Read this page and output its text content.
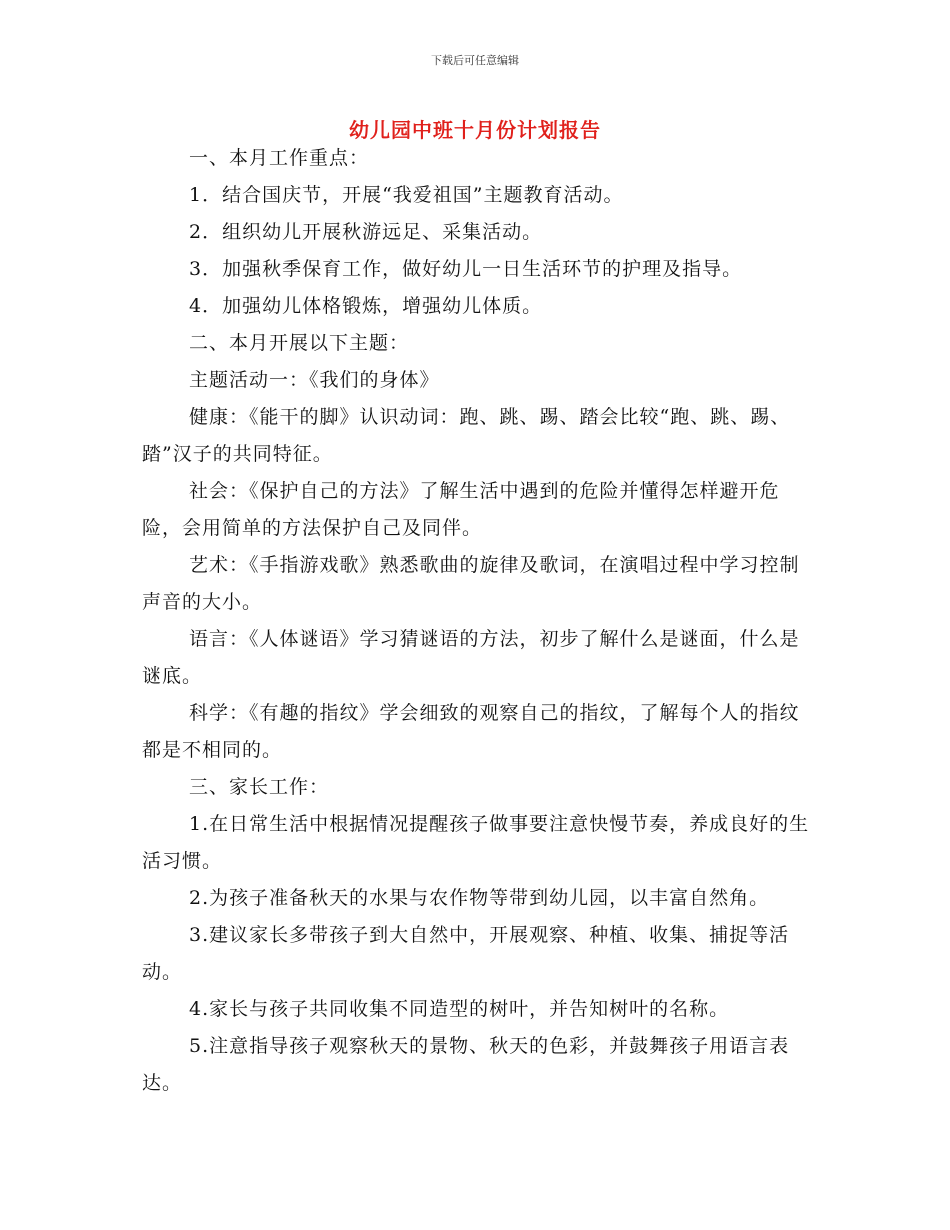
下载后可任意编辑
幼儿园中班十月份计划报告

一、本月工作重点：

1．结合国庆节，开展“我爱祖国”主题教育活动。

2．组织幼儿开展秋游远足、采集活动。

3．加强秋季保育工作，做好幼儿一日生活环节的护理及指导。

4．加强幼儿体格锻炼，增强幼儿体质。

二、本月开展以下主题：

主题活动一：《我们的身体》

健康：《能干的脚》认识动词：跑、跳、踢、踏会比较“跑、跳、踢、踏”汉子的共同特征。

社会：《保护自己的方法》了解生活中遇到的危险并懂得怎样避开危险，会用简单的方法保护自己及同伴。

艺术：《手指游戏歌》熟悉歌曲的旋律及歌词，在演唱过程中学习控制声音的大小。

语言：《人体谜语》学习猜谜语的方法，初步了解什么是谜面，什么是谜底。

科学：《有趣的指纹》学会细致的观察自己的指纹，了解每个人的指纹都是不相同的。

三、家长工作：

1.在日常生活中根据情况提醒孩子做事要注意快慢节奏，养成良好的生活习惯。

2.为孩子准备秋天的水果与农作物等带到幼儿园，以丰富自然角。

3.建议家长多带孩子到大自然中，开展观察、种植、收集、捕捉等活动。

4.家长与孩子共同收集不同造型的树叶，并告知树叶的名称。

5.注意指导孩子观察秋天的景物、秋天的色彩，并鼓舞孩子用语言表达。
